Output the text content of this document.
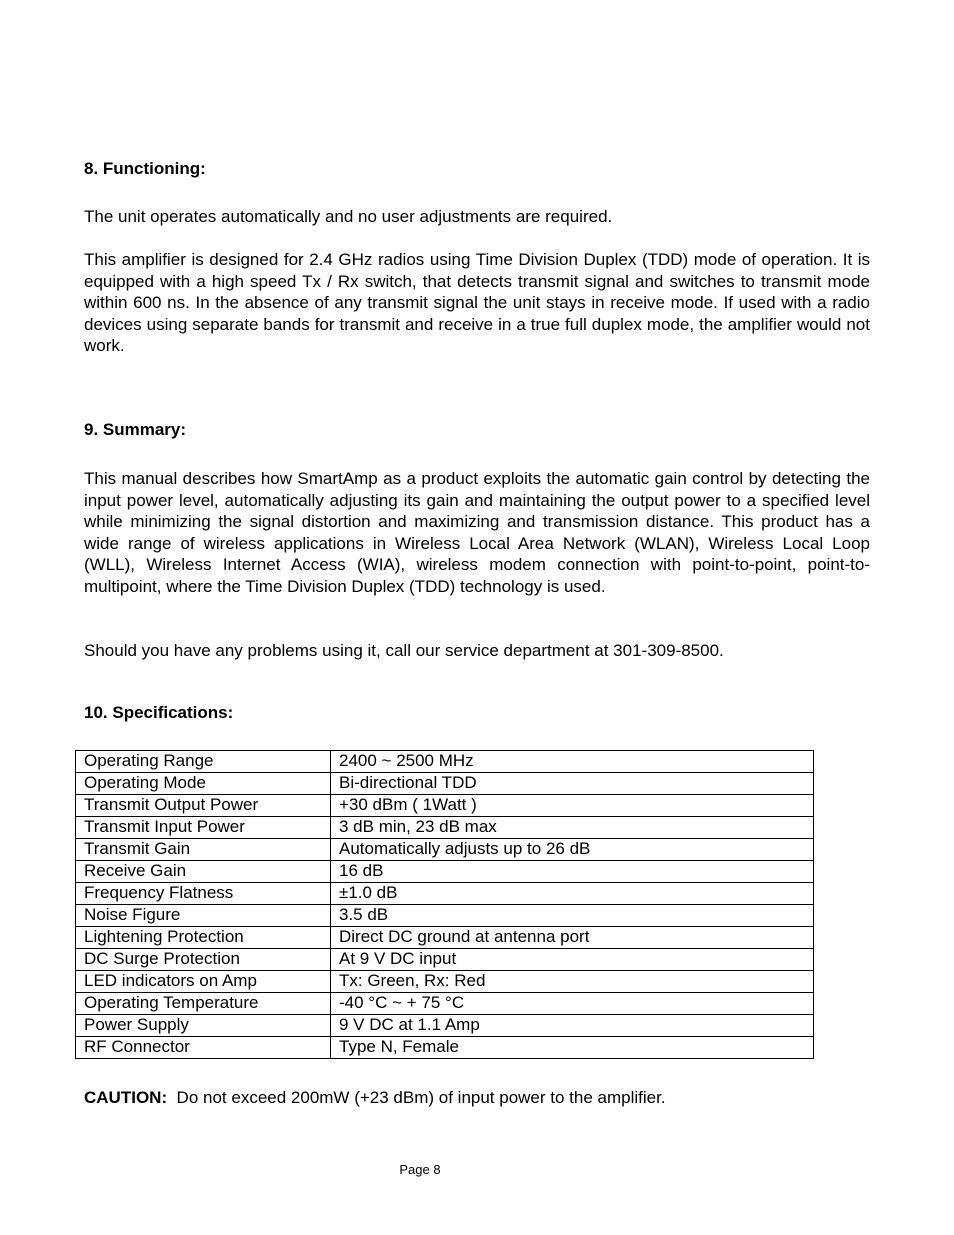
8. Functioning:

The unit operates automatically and no user adjustments are required.

This amplifier is designed for 2.4 GHz radios using Time Division Duplex (TDD) mode of operation. It is equipped with a high speed Tx / Rx switch, that detects transmit signal and switches to transmit mode within 600 ns. In the absence of any transmit signal the unit stays in receive mode. If used with a radio devices using separate bands for transmit and receive in a true full duplex mode, the amplifier would not work.

9. Summary:

This manual describes how SmartAmp as a product exploits the automatic gain control by detecting the input power level, automatically adjusting its gain and maintaining the output power to a specified level while minimizing the signal distortion and maximizing and transmission distance. This product has a wide range of wireless applications in Wireless Local Area Network (WLAN), Wireless Local Loop (WLL), Wireless Internet Access (WIA), wireless modem connection with point-to-point, point-to-multipoint, where the Time Division Duplex (TDD) technology is used.

Should you have any problems using it, call our service department at 301-309-8500.

10. Specifications:
Operating Range	2400 ~ 2500 MHz
Operating Mode	Bi-directional TDD
Transmit Output Power	+30 dBm ( 1Watt )
Transmit Input Power	3 dB min, 23 dB max
Transmit Gain	Automatically adjusts up to 26 dB
Receive Gain	16 dB
Frequency Flatness	±1.0 dB
Noise Figure	3.5 dB
Lightening Protection	Direct DC ground at antenna port
DC Surge Protection	At 9 V DC input
LED indicators on Amp	Tx: Green, Rx: Red
Operating Temperature	-40 °C ~ + 75 °C
Power Supply	9 V DC at 1.1 Amp
RF Connector	Type N, Female

CAUTION:  Do not exceed 200mW (+23 dBm) of input power to the amplifier.

Page 8
